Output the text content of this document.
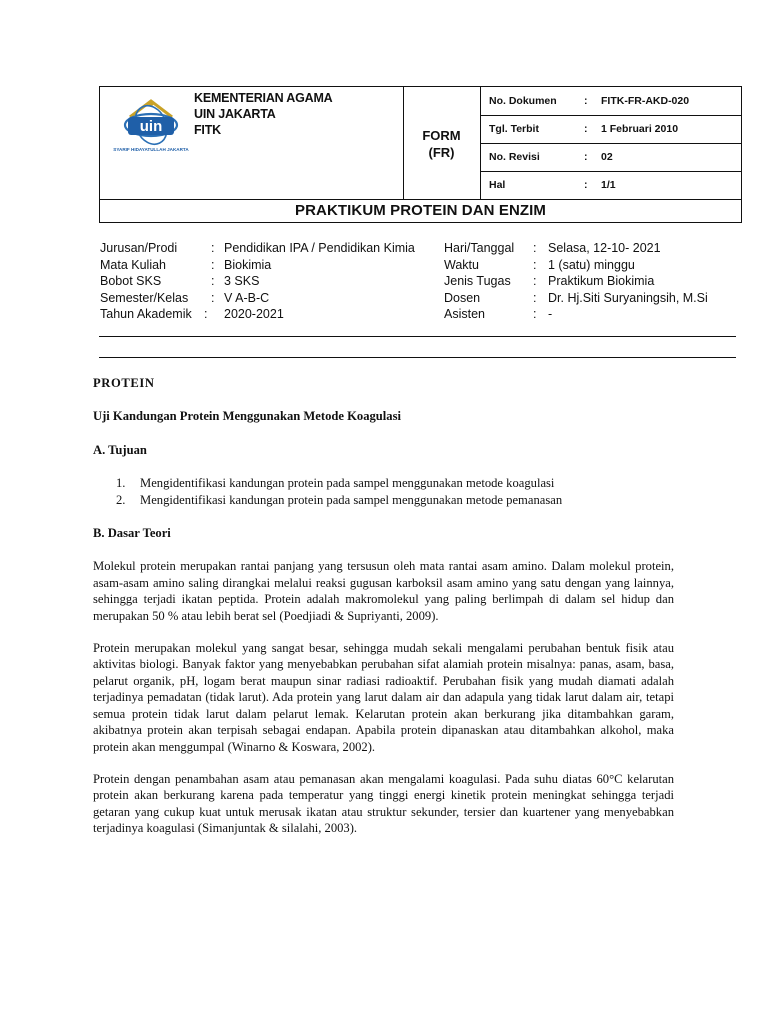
uin
SYARIF HIDAYATULLAH JAKARTA
KEMENTERIAN AGAMA
UIN JAKARTA
FITK	FORM
(FR)
No. Dokumen	: FITK-FR-AKD-020
Tgl. Terbit	: 1 Februari 2010
No. Revisi	: 02
Hal	: 1/1
PRAKTIKUM PROTEIN DAN ENZIM
Jurusan/Prodi	: Pendidikan IPA / Pendidikan Kimia Hari/Tanggal : Selasa, 12-10- 2021
Mata Kuliah	: Biokimia	Waktu	: 1 (satu) minggu
Bobot SKS	: 3 SKS	Jenis Tugas : Praktikum Biokimia
Semester/Kelas : V A-B-C	Dosen	: Dr. Hj.Siti Suryaningsih, M.Si
Tahun Akademik : 2020-2021	Asisten	: -
PROTEIN
Uji Kandungan Protein Menggunakan Metode Koagulasi
A. Tujuan
1. Mengidentifikasi kandungan protein pada sampel menggunakan metode koagulasi
2. Mengidentifikasi kandungan protein pada sampel menggunakan metode pemanasan
B. Dasar Teori

Molekul protein merupakan rantai panjang yang tersusun oleh mata rantai asam amino. Dalam molekul protein, asam-asam amino saling dirangkai melalui reaksi gugusan karboksil asam amino yang satu dengan yang lainnya, sehingga terjadi ikatan peptida. Protein adalah makromolekul yang paling berlimpah di dalam sel hidup dan merupakan 50 % atau lebih berat sel (Poedjiadi & Supriyanti, 2009).

Protein merupakan molekul yang sangat besar, sehingga mudah sekali mengalami perubahan bentuk fisik atau aktivitas biologi. Banyak faktor yang menyebabkan perubahan sifat alamiah protein misalnya: panas, asam, basa, pelarut organik, pH, logam berat maupun sinar radiasi radioaktif. Perubahan fisik yang mudah diamati adalah terjadinya pemadatan (tidak larut). Ada protein yang larut dalam air dan adapula yang tidak larut dalam air, tetapi semua protein tidak larut dalam pelarut lemak. Kelarutan protein akan berkurang jika ditambahkan garam, akibatnya protein akan terpisah sebagai endapan. Apabila protein dipanaskan atau ditambahkan alkohol, maka protein akan menggumpal (Winarno & Koswara, 2002).

Protein dengan penambahan asam atau pemanasan akan mengalami koagulasi. Pada suhu diatas 60°C kelarutan protein akan berkurang karena pada temperatur yang tinggi energi kinetik protein meningkat sehingga terjadi getaran yang cukup kuat untuk merusak ikatan atau struktur sekunder, tersier dan kuartener yang menyebabkan terjadinya koagulasi (Simanjuntak & silalahi, 2003).
